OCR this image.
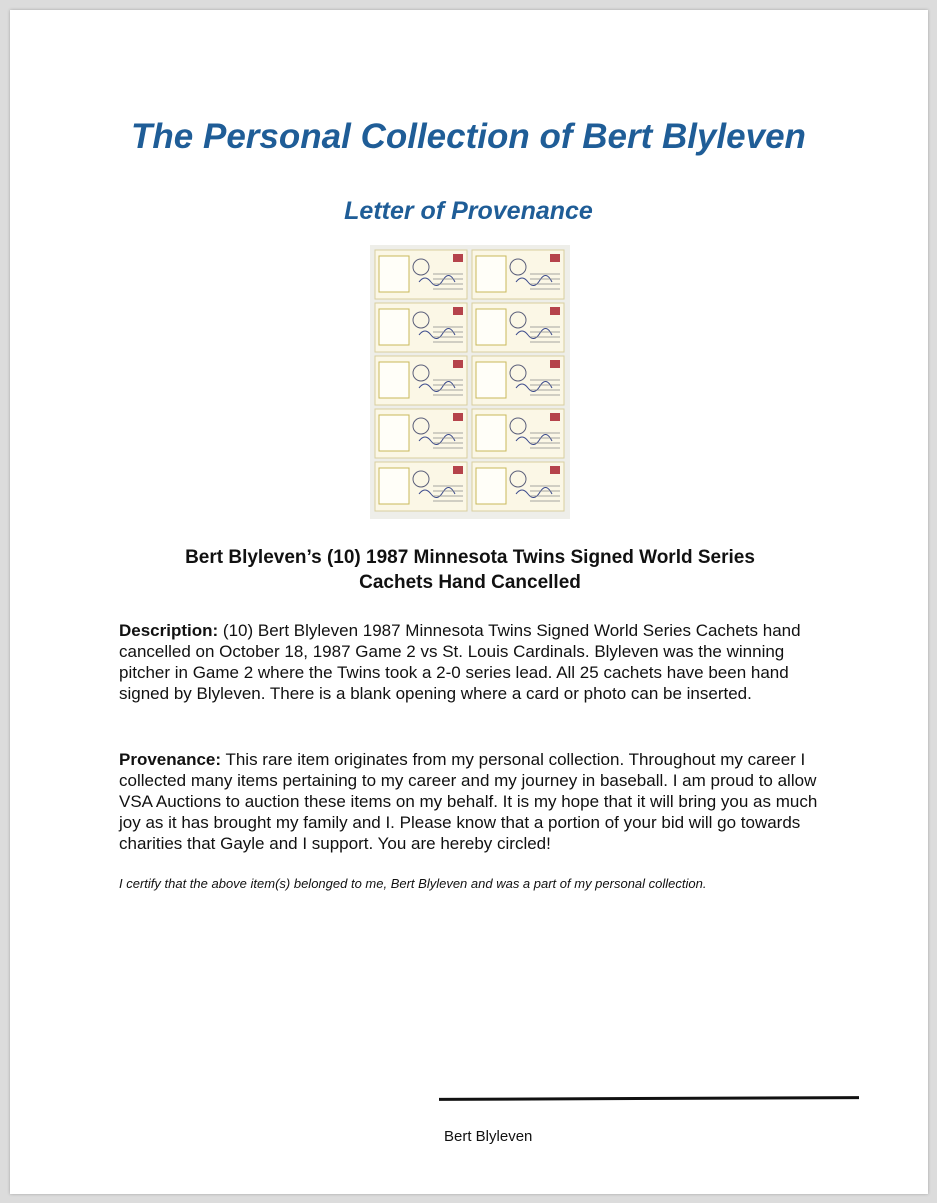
The Personal Collection of Bert Blyleven
Letter of Provenance
Bert Blyleven’s (10) 1987 Minnesota Twins Signed World Series
Cachets Hand Cancelled

Description: (10) Bert Blyleven 1987 Minnesota Twins Signed World Series Cachets hand cancelled on October 18, 1987 Game 2 vs St. Louis Cardinals. Blyleven was the winning pitcher in Game 2 where the Twins took a 2-0 series lead. All 25 cachets have been hand signed by Blyleven. There is a blank opening where a card or photo can be inserted.

Provenance: This rare item originates from my personal collection. Throughout my career I collected many items pertaining to my career and my journey in baseball. I am proud to allow VSA Auctions to auction these items on my behalf. It is my hope that it will bring you as much joy as it has brought my family and I. Please know that a portion of your bid will go towards charities that Gayle and I support. You are hereby circled!

I certify that the above item(s) belonged to me, Bert Blyleven and was a part of my personal collection.

Bert Blyleven
